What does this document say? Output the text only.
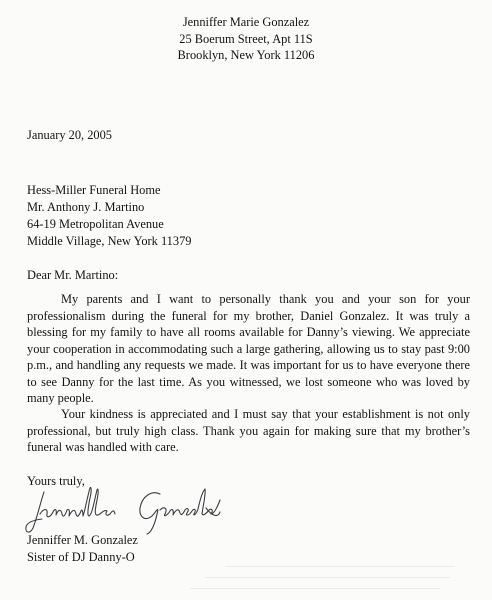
Jenniffer Marie Gonzalez
25 Boerum Street, Apt 11S
Brooklyn, New York 11206
January 20, 2005
Hess-Miller Funeral Home
Mr. Anthony J. Martino
64-19 Metropolitan Avenue
Middle Village, New York 11379
Dear Mr. Martino:

My parents and I want to personally thank you and your son for your professionalism during the funeral for my brother, Daniel Gonzalez. It was truly a blessing for my family to have all rooms available for Danny’s viewing. We appreciate your cooperation in accommodating such a large gathering, allowing us to stay past 9:00 p.m., and handling any requests we made. It was important for us to have everyone there to see Danny for the last time. As you witnessed, we lost someone who was loved by many people.

Your kindness is appreciated and I must say that your establishment is not only professional, but truly high class. Thank you again for making sure that my brother’s funeral was handled with care.

Yours truly,
Jenniffer M. Gonzalez
Sister of DJ Danny-O
